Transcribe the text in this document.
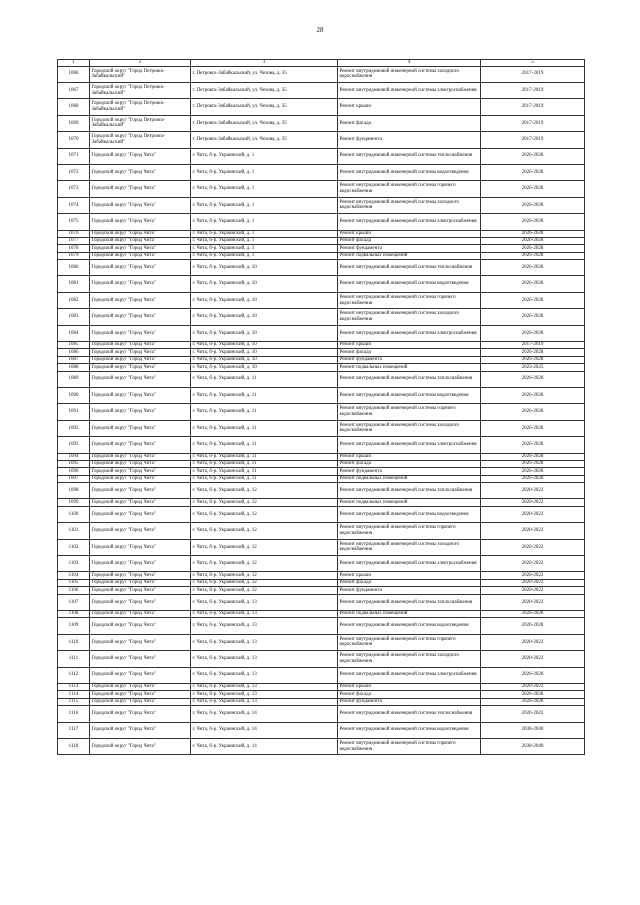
28
1	2	3	4	5
1066	Городской округ "Город Петровск-Забайкальский"	г. Петровск-Забайкальский, ул. Чехова, д. 35	Ремонт внутридомовой инженерной системы холодного водоснабжения	2017-2019
1067	Городской округ "Город Петровск-Забайкальский"	г. Петровск-Забайкальский, ул. Чехова, д. 35	Ремонт внутридомовой инженерной системы электроснабжения	2017-2019
1068	Городской округ "Город Петровск-Забайкальский"	г. Петровск-Забайкальский, ул. Чехова, д. 35	Ремонт крыши	2017-2019
1069	Городской округ "Город Петровск-Забайкальский"	г. Петровск-Забайкальский, ул. Чехова, д. 35	Ремонт фасада	2017-2019
1070	Городской округ "Город Петровск-Забайкальский"	г. Петровск-Забайкальский, ул. Чехова, д. 35	Ремонт фундамента	2017-2019
1071	Городской округ "Город Чита"	г. Чита, б-р. Украинский, д. 1	Ремонт внутридомовой инженерной системы теплоснабжения	2026-2028
1072	Городской округ "Город Чита"	г. Чита, б-р. Украинский, д. 1	Ремонт внутридомовой инженерной системы водоотведения	2026-2028
1073	Городской округ "Город Чита"	г. Чита, б-р. Украинский, д. 1	Ремонт внутридомовой инженерной системы горячего водоснабжения	2026-2028
1074	Городской округ "Город Чита"	г. Чита, б-р. Украинский, д. 1	Ремонт внутридомовой инженерной системы холодного водоснабжения	2026-2028
1075	Городской округ "Город Чита"	г. Чита, б-р. Украинский, д. 1	Ремонт внутридомовой инженерной системы электроснабжения	2026-2028
1076	Городской округ "Город Чита"	г. Чита, б-р. Украинский, д. 1	Ремонт крыши	2026-2028
1077	Городской округ "Город Чита"	г. Чита, б-р. Украинский, д. 1	Ремонт фасада	2026-2028
1078	Городской округ "Город Чита"	г. Чита, б-р. Украинский, д. 1	Ремонт фундамента	2026-2028
1079	Городской округ "Город Чита"	г. Чита, б-р. Украинский, д. 1	Ремонт подвальных помещений	2026-2028
1080	Городской округ "Город Чита"	г. Чита, б-р. Украинский, д. 10	Ремонт внутридомовой инженерной системы теплоснабжения	2026-2028
1081	Городской округ "Город Чита"	г. Чита, б-р. Украинский, д. 10	Ремонт внутридомовой инженерной системы водоотведения	2026-2028
1082	Городской округ "Город Чита"	г. Чита, б-р. Украинский, д. 10	Ремонт внутридомовой инженерной системы горячего водоснабжения	2026-2028
1083	Городской округ "Город Чита"	г. Чита, б-р. Украинский, д. 10	Ремонт внутридомовой инженерной системы холодного водоснабжения	2026-2028
1084	Городской округ "Город Чита"	г. Чита, б-р. Украинский, д. 10	Ремонт внутридомовой инженерной системы электроснабжения	2026-2028
1085	Городской округ "Город Чита"	г. Чита, б-р. Украинский, д. 10	Ремонт крыши	2017-2019
1086	Городской округ "Город Чита"	г. Чита, б-р. Украинский, д. 10	Ремонт фасада	2026-2028
1087	Городской округ "Город Чита"	г. Чита, б-р. Украинский, д. 10	Ремонт фундамента	2026-2028
1088	Городской округ "Город Чита"	г. Чита, б-р. Украинский, д. 10	Ремонт подвальных помещений	2023-2025
1089	Городской округ "Город Чита"	г. Чита, б-р. Украинский, д. 11	Ремонт внутридомовой инженерной системы теплоснабжения	2026-2028
1090	Городской округ "Город Чита"	г. Чита, б-р. Украинский, д. 11	Ремонт внутридомовой инженерной системы водоотведения	2026-2028
1091	Городской округ "Город Чита"	г. Чита, б-р. Украинский, д. 11	Ремонт внутридомовой инженерной системы горячего водоснабжения	2026-2028
1092	Городской округ "Город Чита"	г. Чита, б-р. Украинский, д. 11	Ремонт внутридомовой инженерной системы холодного водоснабжения	2026-2028
1093	Городской округ "Город Чита"	г. Чита, б-р. Украинский, д. 11	Ремонт внутридомовой инженерной системы электроснабжения	2026-2028
1094	Городской округ "Город Чита"	г. Чита, б-р. Украинский, д. 11	Ремонт крыши	2026-2028
1095	Городской округ "Город Чита"	г. Чита, б-р. Украинский, д. 11	Ремонт фасада	2026-2028
1096	Городской округ "Город Чита"	г. Чита, б-р. Украинский, д. 11	Ремонт фундамента	2026-2028
1097	Городской округ "Город Чита"	г. Чита, б-р. Украинский, д. 11	Ремонт подвальных помещений	2026-2028
1098	Городской округ "Город Чита"	г. Чита, б-р. Украинский, д. 12	Ремонт внутридомовой инженерной системы теплоснабжения	2020-2022
1099	Городской округ "Город Чита"	г. Чита, б-р. Украинский, д. 12	Ремонт подвальных помещений	2020-2022
1100	Городской округ "Город Чита"	г. Чита, б-р. Украинский, д. 12	Ремонт внутридомовой инженерной системы водоотведения	2020-2022
1101	Городской округ "Город Чита"	г. Чита, б-р. Украинский, д. 12	Ремонт внутридомовой инженерной системы горячего водоснабжения	2020-2022
1102	Городской округ "Город Чита"	г. Чита, б-р. Украинский, д. 12	Ремонт внутридомовой инженерной системы холодного водоснабжения	2020-2022
1103	Городской округ "Город Чита"	г. Чита, б-р. Украинский, д. 12	Ремонт внутридомовой инженерной системы электроснабжения	2020-2022
1104	Городской округ "Город Чита"	г. Чита, б-р. Украинский, д. 12	Ремонт крыши	2020-2022
1105	Городской округ "Город Чита"	г. Чита, б-р. Украинский, д. 12	Ремонт фасада	2020-2022
1106	Городской округ "Город Чита"	г. Чита, б-р. Украинский, д. 12	Ремонт фундамента	2020-2022
1107	Городской округ "Город Чита"	г. Чита, б-р. Украинский, д. 13	Ремонт внутридомовой инженерной системы теплоснабжения	2020-2022
1108	Городской округ "Город Чита"	г. Чита, б-р. Украинский, д. 13	Ремонт подвальных помещений	2026-2028
1109	Городской округ "Город Чита"	г. Чита, б-р. Украинский, д. 13	Ремонт внутридомовой инженерной системы водоотведения	2026-2028
1110	Городской округ "Город Чита"	г. Чита, б-р. Украинский, д. 13	Ремонт внутридомовой инженерной системы горячего водоснабжения	2020-2022
1111	Городской округ "Город Чита"	г. Чита, б-р. Украинский, д. 13	Ремонт внутридомовой инженерной системы холодного водоснабжения	2020-2022
1112	Городской округ "Город Чита"	г. Чита, б-р. Украинский, д. 13	Ремонт внутридомовой инженерной системы электроснабжения	2026-2028
1113	Городской округ "Город Чита"	г. Чита, б-р. Украинский, д. 13	Ремонт крыши	2020-2022
1114	Городской округ "Город Чита"	г. Чита, б-р. Украинский, д. 13	Ремонт фасада	2026-2028
1115	Городской округ "Город Чита"	г. Чита, б-р. Украинский, д. 13	Ремонт фундамента	2026-2028
1116	Городской округ "Город Чита"	г. Чита, б-р. Украинский, д. 14	Ремонт внутридомовой инженерной системы теплоснабжения	2020-2022
1117	Городской округ "Город Чита"	г. Чита, б-р. Украинский, д. 14	Ремонт внутридомовой инженерной системы водоотведения	2038-2040
1118	Городской округ "Город Чита"	г. Чита, б-р. Украинский, д. 14	Ремонт внутридомовой инженерной системы горячего водоснабжения	2038-2040
